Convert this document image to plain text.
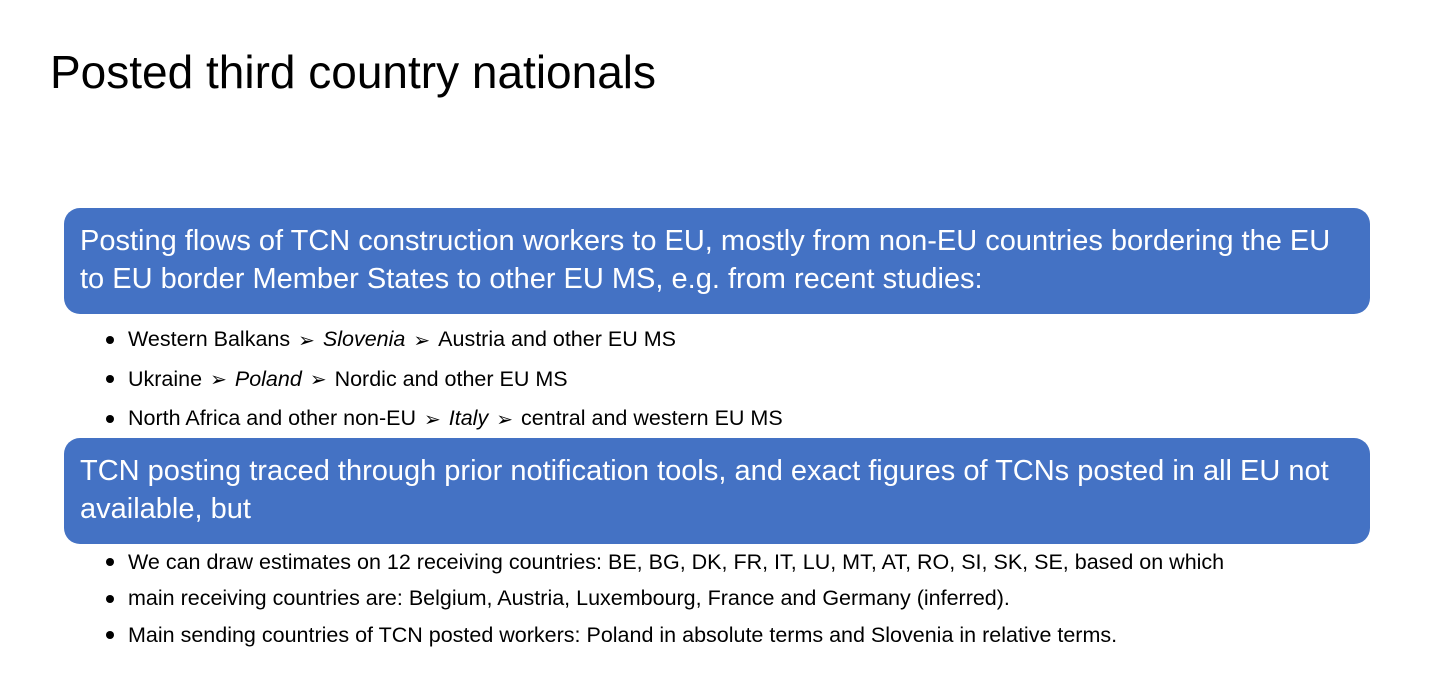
Posted third country nationals
Posting flows of TCN construction workers to EU, mostly from non-EU countries bordering the EU to EU border Member States to other EU MS, e.g. from recent studies:
Western Balkans ➢ Slovenia ➢ Austria and other EU MS
Ukraine ➢ Poland ➢ Nordic and other EU MS
North Africa and other non-EU ➢ Italy ➢ central and western EU MS
TCN posting traced through prior notification tools, and exact figures of TCNs posted in all EU not available, but
We can draw estimates on 12 receiving countries: BE, BG, DK, FR, IT, LU, MT, AT, RO, SI, SK, SE, based on which
main receiving countries are: Belgium, Austria, Luxembourg, France and Germany (inferred).
Main sending countries of TCN posted workers: Poland in absolute terms and Slovenia in relative terms.
